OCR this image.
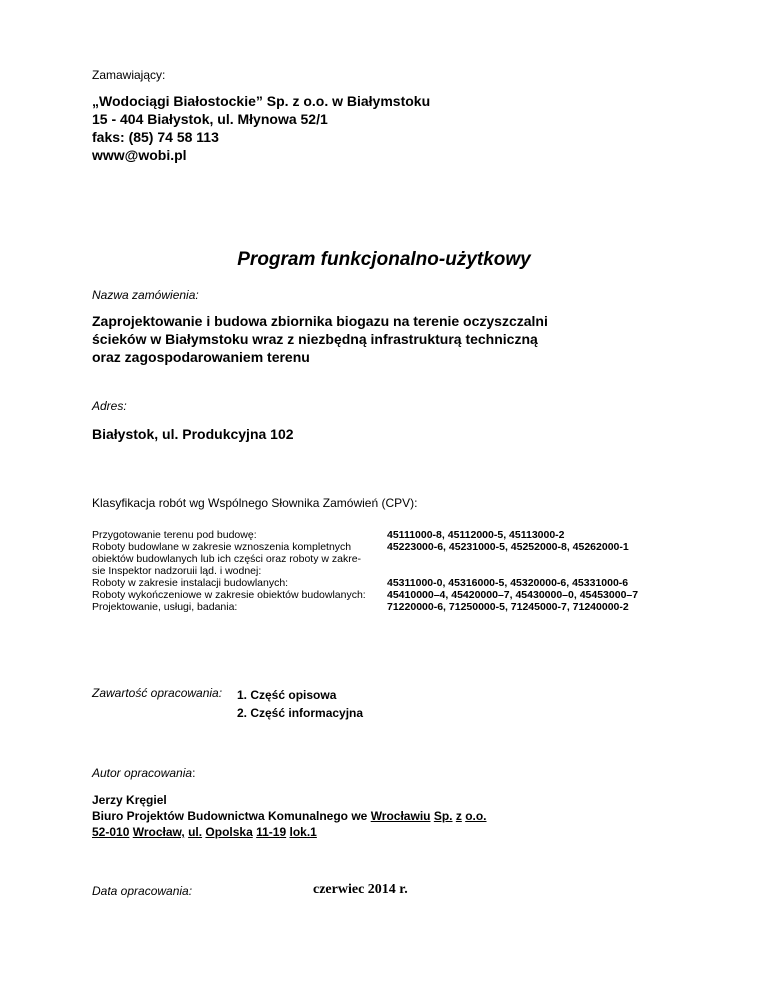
Zamawiający:
„Wodociągi Białostockie” Sp. z o.o. w Białymstoku
15 - 404 Białystok, ul. Młynowa 52/1
faks: (85) 74 58 113
www@wobi.pl
Program funkcjonalno-użytkowy
Nazwa zamówienia:
Zaprojektowanie i budowa zbiornika biogazu na terenie oczyszczalni
ścieków w Białymstoku wraz z niezbędną infrastrukturą techniczną
oraz zagospodarowaniem terenu
Adres:
Białystok, ul. Produkcyjna 102
Klasyfikacja robót wg Wspólnego Słownika Zamówień (CPV):
Przygotowanie terenu pod budowę:
Roboty budowlane w zakresie wznoszenia kompletnych
obiektów budowlanych lub ich części oraz roboty w zakre-
sie Inspektor nadzoruii ląd. i wodnej:
Roboty w zakresie instalacji budowlanych:
Roboty wykończeniowe w zakresie obiektów budowlanych:
Projektowanie, usługi, badania:
45111000-8, 45112000-5, 45113000-2
45223000-6, 45231000-5, 45252000-8, 45262000-1

45311000-0, 45316000-5, 45320000-6, 45331000-6
45410000–4, 45420000–7, 45430000–0, 45453000–7
71220000-6, 71250000-5, 71245000-7, 71240000-2
Zawartość opracowania: 1. Część opisowa
2. Część informacyjna
Autor opracowania:
Jerzy Kręgiel
Biuro Projektów Budownictwa Komunalnego we Wrocławiu Sp. z o.o.
52-010 Wrocław, ul. Opolska 11-19 lok.1
Data opracowania:	czerwiec 2014 r.
